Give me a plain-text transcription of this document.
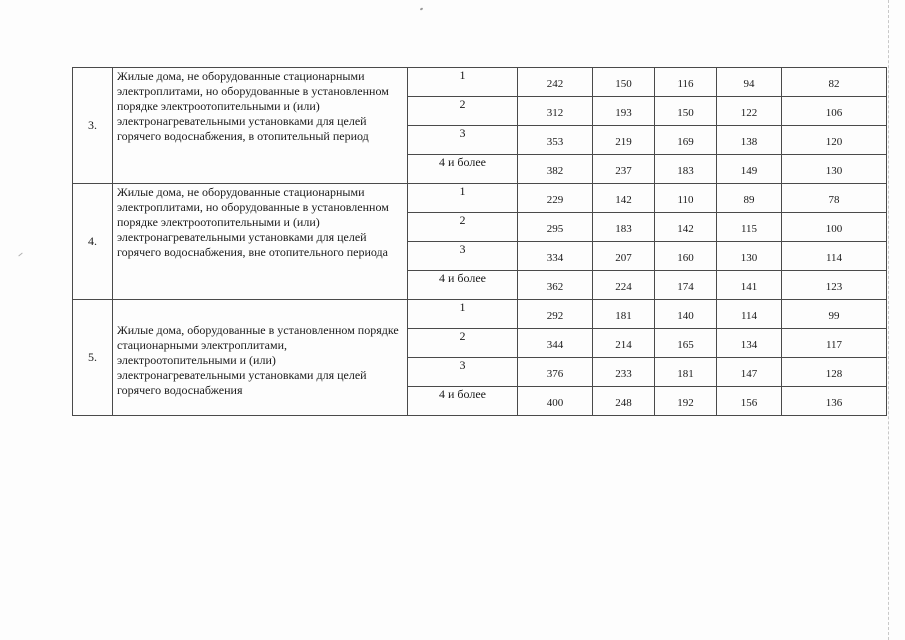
3.	Жилые дома, не оборудованные стационарными электроплитами, но оборудованные в установленном порядке электроотопительными и (или) электронагревательными установками для целей горячего водоснабжения, в отопительный период	1	242	150	116	94	82
		2	312	193	150	122	106
		3	353	219	169	138	120
		4 и более	382	237	183	149	130
4.	Жилые дома, не оборудованные стационарными электроплитами, но оборудованные в установленном порядке электроотопительными и (или) электронагревательными установками для целей горячего водоснабжения, вне отопительного периода	1	229	142	110	89	78
		2	295	183	142	115	100
		3	334	207	160	130	114
		4 и более	362	224	174	141	123
5.	Жилые дома, оборудованные в установленном порядке стационарными электроплитами, электроотопительными и (или) электронагревательными установками для целей горячего водоснабжения	1	292	181	140	114	99
		2	344	214	165	134	117
		3	376	233	181	147	128
		4 и более	400	248	192	156	136
